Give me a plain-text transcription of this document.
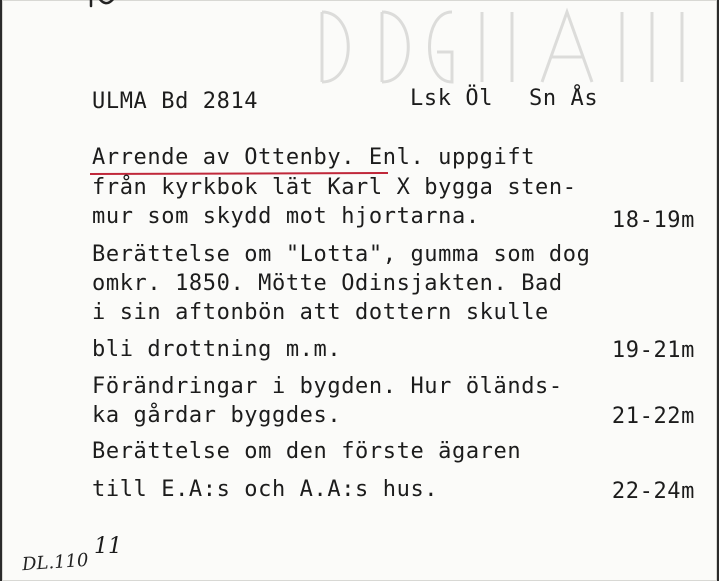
ULMA Bd 2814	Lsk Öl Sn Ås
Arrende av Ottenby. Enl. uppgift
från kyrkbok lät Karl X bygga sten-
mur som skydd mot hjortarna.
Berättelse om "Lotta", gumma som dog
omkr. 1850. Mötte Odinsjakten. Bad
i sin aftonbön att dottern skulle
bli drottning m.m.
Förändringar i bygden. Hur öländs-
ka gårdar byggdes.
Berättelse om den förste ägaren
till E.A:s och A.A:s hus.
18-19m
19-21m
21-22m
22-24m
DL.110
11
